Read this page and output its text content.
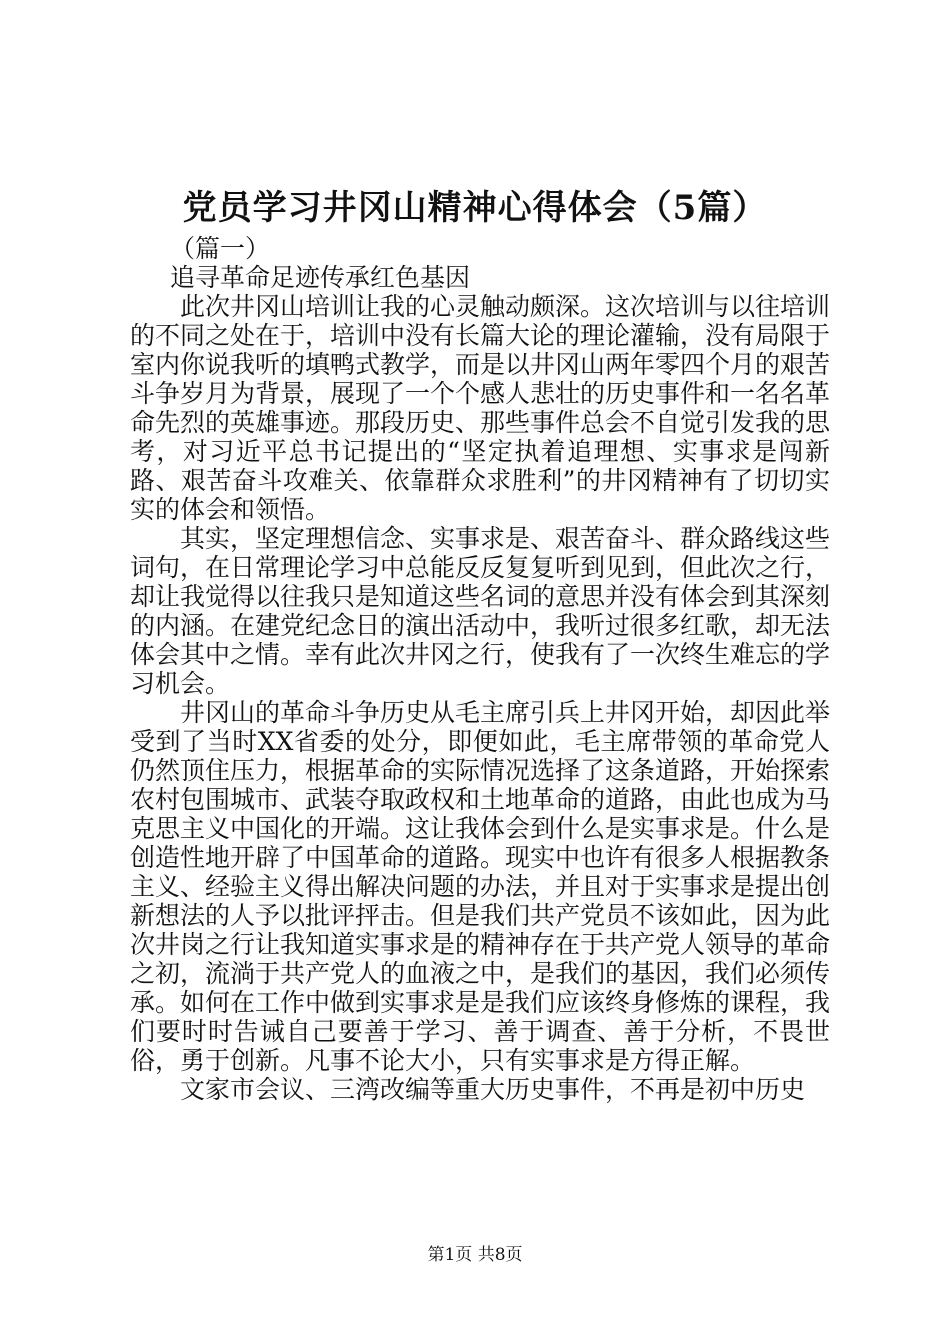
党员学习井冈山精神心得体会（5篇）

（篇一）

追寻革命足迹传承红色基因

此次井冈山培训让我的心灵触动颇深。这次培训与以往培训的不同之处在于，培训中没有长篇大论的理论灌输，没有局限于室内你说我听的填鸭式教学，而是以井冈山两年零四个月的艰苦斗争岁月为背景，展现了一个个感人悲壮的历史事件和一名名革命先烈的英雄事迹。那段历史、那些事件总会不自觉引发我的思考，对习近平总书记提出的“坚定执着追理想、实事求是闯新路、艰苦奋斗攻难关、依靠群众求胜利”的井冈精神有了切切实实的体会和领悟。

其实，坚定理想信念、实事求是、艰苦奋斗、群众路线这些词句，在日常理论学习中总能反反复复听到见到，但此次之行，却让我觉得以往我只是知道这些名词的意思并没有体会到其深刻的内涵。在建党纪念日的演出活动中，我听过很多红歌，却无法体会其中之情。幸有此次井冈之行，使我有了一次终生难忘的学习机会。

井冈山的革命斗争历史从毛主席引兵上井冈开始，却因此举受到了当时XX省委的处分，即便如此，毛主席带领的革命党人仍然顶住压力，根据革命的实际情况选择了这条道路，开始探索农村包围城市、武装夺取政权和土地革命的道路，由此也成为马克思主义中国化的开端。这让我体会到什么是实事求是。什么是创造性地开辟了中国革命的道路。现实中也许有很多人根据教条主义、经验主义得出解决问题的办法，并且对于实事求是提出创新想法的人予以批评抨击。但是我们共产党员不该如此，因为此次井岗之行让我知道实事求是的精神存在于共产党人领导的革命之初，流淌于共产党人的血液之中，是我们的基因，我们必须传承。如何在工作中做到实事求是是我们应该终身修炼的课程，我们要时时告诫自己要善于学习、善于调查、善于分析，不畏世俗，勇于创新。凡事不论大小，只有实事求是方得正解。

文家市会议、三湾改编等重大历史事件，不再是初中历史

第1页 共8页
